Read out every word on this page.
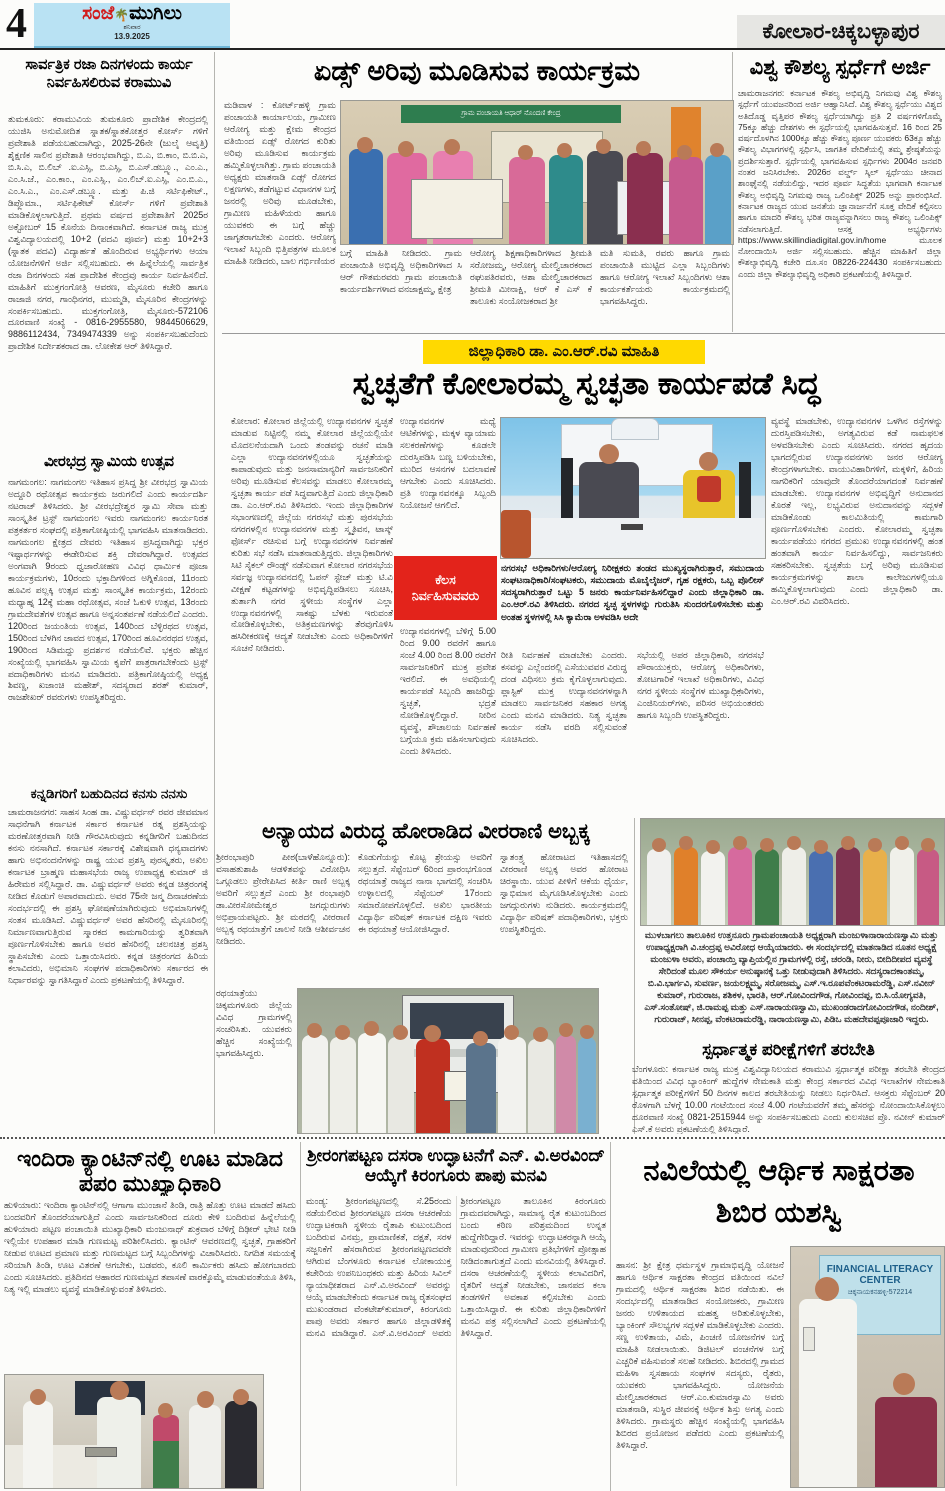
4	ಸಂಜೆ🌴ಮುಗಿಲು
ಶನಿವಾರ
13.9.2025	ಕೋಲಾರ-ಚಿಕ್ಕಬಳ್ಳಾಪುರ
ಸಾರ್ವತ್ರಿಕ ರಜಾ ದಿನಗಳಂದು ಕಾರ್ಯ ನಿರ್ವಹಿಸಲಿರುವ ಕರಾಮುವಿ
ತುಮಕೂರು: ಕರಾಮುವಿಯ ತುಮಕೂರು ಪ್ರಾದೇಶಿಕ ಕೇಂದ್ರದಲ್ಲಿ ಯುಜಿಸಿ ಅನುಮೋದಿತ ಸ್ನಾತಕ/ಸ್ನಾತಕೋತ್ತರ ಕೋರ್ಸ್ ಗಳಿಗೆ ಪ್ರವೇಶಾತಿ ಪಡೆಯಬಹುದಾಗಿದ್ದು, 2025-26ನೇ (ಜುಲೈ ಆವೃತ್ತಿ) ಶೈಕ್ಷಣಿಕ ಸಾಲಿನ ಪ್ರವೇಶಾತಿ ಆರಂಭವಾಗಿದ್ದು, ಬಿ.ಎ, ಬಿ.ಕಾಂ, ಬಿ.ಬಿ.ಎ, ಬಿ.ಸಿ.ಎ, ಬಿ.ಲಿಬ್ .ಐ.ಎಸ್ಸಿ, ಬಿ.ಎಸ್ಸಿ, ಬಿ.ಎಸ್.ಡಬ್ಲ್ಯೂ., ಎಂ.ಎ., ಎಂ.ಸಿ.ಜೆ., ಎಂ.ಕಾಂ., ಎಂ.ಎಸ್ಸಿ., ಎಂ.ಲಿಬ್.ಐ.ಎಸ್ಸಿ, ಎಂ.ಬಿ.ಎ., ಎಂ.ಸಿ.ಎ., ಎಂ.ಎಸ್.ಡಬ್ಲ್ಯೂ. ಮತ್ತು ಪಿ.ಜಿ ಸರ್ಟಿಫಿಕೇಟ್., ಡಿಪ್ಲೊಮಾ., ಸರ್ಟಿಫಿಕೇಟ್ ಕೋರ್ಸ್ ಗಳಿಗೆ ಪ್ರವೇಶಾತಿ ಮಾಡಿಕೊಳ್ಳಲಾಗುತ್ತಿದೆ. ಪ್ರಥಮ ವರ್ಷದ ಪ್ರವೇಶಾತಿಗೆ 2025ರ ಅಕ್ಟೋಬರ್ 15 ಕೊನೆಯ ದಿನಾಂಕವಾಗಿದೆ. ಕರ್ನಾಟಕ ರಾಜ್ಯ ಮುಕ್ತ ವಿಶ್ವವಿದ್ಯಾಲಯದಲ್ಲಿ 10+2 (ಪದವಿ ಪೂರ್ವ) ಮತ್ತು 10+2+3 (ಸ್ನಾತಕ ಪದವಿ) ವಿದ್ಯಾರ್ಹತೆ ಹೊಂದಿರುವ ಅಭ್ಯರ್ಥಿಗಳು ಆಯಾ ಯೋಜನೆಗಳಿಗೆ ಅರ್ಜಿ ಸಲ್ಲಿಸಬಹುದು. ಈ ಹಿನ್ನೆಲೆಯಲ್ಲಿ ಸಾರ್ವತ್ರಿಕ ರಜಾ ದಿನಗಳಂದು ಸಹ ಪ್ರಾದೇಶಿಕ ಕೇಂದ್ರವು ಕಾರ್ಯ ನಿರ್ವಹಿಸಲಿದೆ. ಮಾಹಿತಿಗೆ ಮುಕ್ತಗಂಗೋತ್ರಿ ಆವರಣ, ಮೈಸೂರು ಕಚೇರಿ ಹಾಗೂ ರಾಜಾಜಿ ನಗರ, ಗಾಂಧಿನಗರ, ಮುಮ್ಮಡಿ, ಮೈಸೂರಿನ ಕೇಂದ್ರಗಳನ್ನು ಸಂಪರ್ಕಿಸಬಹುದು. ಮುಕ್ತಗಂಗೋತ್ರಿ, ಮೈಸೂರು-572106 ದೂರವಾಣಿ ಸಂಖ್ಯೆ - 0816-2955580, 9844506629, 9886112434, 7349474339 ಅನ್ನು ಸಂಪರ್ಕಿಸಬಹುದೆಂದು ಪ್ರಾದೇಶಿಕ ನಿರ್ದೇಶಕರಾದ ಡಾ. ಲೋಕೇಶ ಆರ್ ತಿಳಿಸಿದ್ದಾರೆ.
ವೀರಭದ್ರ ಸ್ವಾಮಿಯ ಉತ್ಸವ
ನಾಗಮಂಗಲ: ನಾಗಮಂಗಲ ಇತಿಹಾಸ ಪ್ರಸಿದ್ದ ಶ್ರೀ ವೀರಭದ್ರ ಸ್ವಾಮಿಯ ಅದ್ದೂರಿ ರಥೋತ್ಸವ ಕಾರ್ಯಕ್ರಮ ಜರುಗಲಿದೆ ಎಂದು ಕಾರ್ಯದರ್ಶಿ ನಟರಾಜ್ ತಿಳಿಸಿದರು. ಶ್ರೀ ವೀರಭದ್ರೇಶ್ವರ ಸ್ವಾಮಿ ಸೇವಾ ಮತ್ತು ಸಾಂಸ್ಕೃತಿಕ ಟ್ರಸ್ಟ್ ನಾಗಮಂಗಲ ಇವರು ನಾಗಮಂಗಲ ಕಾರ್ಯನಿರತ ಪತ್ರಕರ್ತರ ಸಂಘದಲ್ಲಿ ಪತ್ರಿಕಾಗೋಷ್ಠಿಯಲ್ಲಿ ಭಾಗವಹಿಸಿ ಮಾತನಾಡಿದರು. ನಾಗಮಂಗಲ ಕ್ಷೇತ್ರದ ದೇವರು ಇತಿಹಾಸ ಪ್ರಸಿದ್ಧವಾಗಿದ್ದು ಭಕ್ತರ ಇಷ್ಟಾರ್ಥಗಳನ್ನು ಈಡೇರಿಸುವ ಶಕ್ತಿ ದೇವರಾಗಿದ್ದಾರೆ. ಉತ್ಸವದ ಅಂಗವಾಗಿ 9ರಂದು ಧ್ವಜಾರೋಹಣ ವಿವಿಧ ಧಾರ್ಮಿಕ ಪೂಜಾ ಕಾರ್ಯಕ್ರಮಗಳು, 10ರಂದು ಭಕ್ತಾದಿಗಳಿಂದ ಅಗ್ನಿಕೊಂಡ, 11ರಂದು ಹೂವಿನ ಪಲ್ಲಕ್ಕಿ ಉತ್ಸವ ಮತ್ತು ಸಾಂಸ್ಕೃತಿಕ ಕಾರ್ಯಕ್ರಮ, 12ರಂದು ಮಧ್ಯಾಹ್ನ 12ಕ್ಕೆ ಮಹಾ ರಥೋತ್ಸವ, ಸಂಜೆ ಓಕುಳಿ ಉತ್ಸವ, 13ರಂದು ಗ್ರಾಮದೇವತೆಗಳ ಉತ್ಸವ ಹಾಗೂ ಅನ್ನಸಂತರ್ಪಣೆ ನಡೆಯಲಿದೆ ಎಂದರು. 120ರಿಂದ ಜಯಂತಿಯ ಉತ್ಸವ, 140ರಿಂದ ಬೆಳ್ಳಿರಥದ ಉತ್ಸವ, 150ರಿಂದ ಬೆಳಗಿನ ಜಾವದ ಉತ್ಸವ, 170ರಿಂದ ಹೂವಿನರಥದ ಉತ್ಸವ, 190ರಿಂದ ಸಿಡಿಮದ್ದು ಪ್ರದರ್ಶನ ನಡೆಯಲಿವೆ. ಭಕ್ತರು ಹೆಚ್ಚಿನ ಸಂಖ್ಯೆಯಲ್ಲಿ ಭಾಗವಹಿಸಿ ಸ್ವಾಮಿಯ ಕೃಪೆಗೆ ಪಾತ್ರರಾಗಬೇಕೆಂದು ಟ್ರಸ್ಟ್ ಪದಾಧಿಕಾರಿಗಳು ಮನವಿ ಮಾಡಿದರು. ಪತ್ರಿಕಾಗೋಷ್ಠಿಯಲ್ಲಿ ಅಧ್ಯಕ್ಷ ಶಿವಣ್ಣ, ಖಜಾಂಚಿ ಮಹೇಶ್, ಸದಸ್ಯರಾದ ಶರತ್ ಕುಮಾರ್, ರಾಜಶೇಖರ್ ರವರುಗಳು ಉಪಸ್ಥಿತರಿದ್ದರು.
ಕನ್ನಡಿಗರಿಗೆ ಬಹುದಿನದ ಕನಸು ನನಸು
ಚಾಮರಾಜನಗರ: ಸಾಹಸ ಸಿಂಹ ಡಾ. ವಿಷ್ಣುವರ್ಧನ್ ರವರ ಜೀವಮಾನ ಸಾಧನೆಗಾಗಿ ಕರ್ನಾಟಕ ಸರ್ಕಾರ ಕರ್ನಾಟಕ ರತ್ನ ಪ್ರಶಸ್ತಿಯನ್ನು ಮರಣೋತ್ತರವಾಗಿ ನೀಡಿ ಗೌರವಿಸಿರುವುದು ಕನ್ನಡಿಗರಿಗೆ ಬಹುದಿನದ ಕನಸು ನನಸಾಗಿದೆ. ಕರ್ನಾಟಕ ಸರ್ಕಾರಕ್ಕೆ ವಿಶೇಷವಾಗಿ ಧನ್ಯವಾದಗಳು ಹಾಗು ಅಭಿನಂದನೆಗಳನ್ನು ರಾಷ್ಟ್ರ ಯುವ ಪ್ರಶಸ್ತಿ ಪುರಸ್ಕೃತರು, ಅಖಿಲ ಕರ್ನಾಟಕ ಬ್ರಾಹ್ಮಣ ಮಹಾಸಭೆಯ ರಾಜ್ಯ ಉಪಾಧ್ಯಕ್ಷ ಕುಮಾರ್ ಜಿ ಹಿರೇಮಠ ಸಲ್ಲಿಸಿದ್ದಾರೆ. ಡಾ. ವಿಷ್ಣುವರ್ಧನ್ ಅವರು ಕನ್ನಡ ಚಿತ್ರರಂಗಕ್ಕೆ ನೀಡಿದ ಕೊಡುಗೆ ಅಪಾರವಾದುದು. ಅವರ 75ನೇ ಜನ್ಮ ದಿನಾಚರಣೆಯ ಸಂದರ್ಭದಲ್ಲಿ ಈ ಪ್ರಶಸ್ತಿ ಘೋಷಣೆಯಾಗಿರುವುದು ಅಭಿಮಾನಿಗಳಲ್ಲಿ ಸಂತಸ ಮೂಡಿಸಿದೆ. ವಿಷ್ಣುವರ್ಧನ್ ಅವರ ಹೆಸರಿನಲ್ಲಿ ಮೈಸೂರಿನಲ್ಲಿ ನಿರ್ಮಾಣವಾಗುತ್ತಿರುವ ಸ್ಮಾರಕದ ಕಾಮಗಾರಿಯನ್ನು ತ್ವರಿತವಾಗಿ ಪೂರ್ಣಗೊಳಿಸಬೇಕು ಹಾಗೂ ಅವರ ಹೆಸರಿನಲ್ಲಿ ಚಲನಚಿತ್ರ ಪ್ರಶಸ್ತಿ ಸ್ಥಾಪಿಸಬೇಕು ಎಂದು ಒತ್ತಾಯಿಸಿದರು. ಕನ್ನಡ ಚಿತ್ರರಂಗದ ಹಿರಿಯ ಕಲಾವಿದರು, ಅಭಿಮಾನಿ ಸಂಘಗಳ ಪದಾಧಿಕಾರಿಗಳು ಸರ್ಕಾರದ ಈ ನಿರ್ಧಾರವನ್ನು ಸ್ವಾಗತಿಸಿದ್ದಾರೆ ಎಂದು ಪ್ರಕಟಣೆಯಲ್ಲಿ ತಿಳಿಸಿದ್ದಾರೆ.
ಏಡ್ಸ್ ಅರಿವು ಮೂಡಿಸುವ ಕಾರ್ಯಕ್ರಮ
ಮಡಿವಾಳ : ಕೋರ್ಟ್‌ಹಳ್ಳಿ ಗ್ರಾಮ ಪಂಚಾಯತಿ ಕಾರ್ಯಾಲಯ, ಗ್ರಾಮೀಣ ಆರೋಗ್ಯ ಮತ್ತು ಕ್ಷೇಮ ಕೇಂದ್ರದ ವತಿಯಿಂದ ಏಡ್ಸ್ ರೋಗದ ಕುರಿತು ಅರಿವು ಮೂಡಿಸುವ ಕಾರ್ಯಕ್ರಮ ಹಮ್ಮಿಕೊಳ್ಳಲಾಗಿತ್ತು. ಗ್ರಾಮ ಪಂಚಾಯತಿ ಅಧ್ಯಕ್ಷರು ಮಾತನಾಡಿ ಏಡ್ಸ್ ರೋಗದ ಲಕ್ಷಣಗಳು, ತಡೆಗಟ್ಟುವ ವಿಧಾನಗಳ ಬಗ್ಗೆ ಜನರಲ್ಲಿ ಅರಿವು ಮೂಡಬೇಕು, ಗ್ರಾಮೀಣ ಮಹಿಳೆಯರು ಹಾಗೂ ಯುವಕರು ಈ ಬಗ್ಗೆ ಹೆಚ್ಚು ಜಾಗೃತರಾಗಬೇಕು ಎಂದರು. ಆರೋಗ್ಯ ಇಲಾಖೆ ಸಿಬ್ಬಂದಿ ಭಿತ್ತಿಪತ್ರಗಳ ಮೂಲಕ ಮಾಹಿತಿ ನೀಡಿದರು, ಬಾಲ ಗರ್ಭಿಣಿಯರ
ಗ್ರಾಮ ಪಂಚಾಯತಿ ಆಧಾರ್ ನೊಂದಣಿ ಕೇಂದ್ರ
ಬಗ್ಗೆ ಮಾಹಿತಿ ನೀಡಿದರು. ಗ್ರಾಮ ಪಂಚಾಯಿತಿ ಅಭಿವೃದ್ಧಿ ಅಧಿಕಾರಿಗಳಾದ ಸಿ ಆರ್ ಗೌತಮರವರು ಗ್ರಾಮ ಪಂಚಾಯಿತಿ ಕಾರ್ಯದರ್ಶಿಗಳಾದ ವನಜಾಕ್ಷಮ್ಮ, ಕ್ಷೇತ್ರ
ಆರೋಗ್ಯ ಶಿಕ್ಷಣಾಧಿಕಾರಿಗಳಾದ ಶ್ರೀಮತಿ ಸರೋಜಮ್ಮ, ಆರೋಗ್ಯ ಮೇಲ್ವಿಚಾರಕರಾದ ರಘುಪತಿರವರು, ಆಶಾ ಮೇಲ್ವಿಚಾರಕರಾದ ಶ್ರೀಮತಿ ಮೀನಾಕ್ಷಿ, ಆರ್ ಕೆ ಎಸ್ ಕೆ ತಾಲೂಕು ಸಂಯೋಜಕರಾದ ಶ್ರೀ
ಮತಿ ಸುಮತಿ, ರವರು ಹಾಗೂ ಗ್ರಾಮ ಪಂಚಾಯಿತಿ ಮುಟ್ಟಿದ ಎಲ್ಲಾ ಸಿಬ್ಬಂದಿಗಳು ಹಾಗೂ ಆರೋಗ್ಯ ಇಲಾಖೆ ಸಿಬ್ಬಂದಿಗಳು ಆಶಾ ಕಾರ್ಯಕರ್ತೆಯರು ಕಾರ್ಯಕ್ರಮದಲ್ಲಿ ಭಾಗವಹಿಸಿದ್ದರು.
ವಿಶ್ವ ಕೌಶಲ್ಯ ಸ್ಪರ್ಧೆಗೆ ಅರ್ಜಿ
ಚಾಮರಾಜನಗರ: ಕರ್ನಾಟಕ ಕೌಶಲ್ಯ ಅಭಿವೃದ್ಧಿ ನಿಗಮವು ವಿಶ್ವ ಕೌಶಲ್ಯ ಸ್ಪರ್ಧೆಗೆ ಯುವಜನರಿಂದ ಅರ್ಜಿ ಆಹ್ವಾನಿಸಿದೆ. ವಿಶ್ವ ಕೌಶಲ್ಯ ಸ್ಪರ್ಧೆಯು ವಿಶ್ವದ ಅತಿದೊಡ್ಡ ವೃತ್ತಿಪರ ಕೌಶಲ್ಯ ಸ್ಪರ್ಧೆಯಾಗಿದ್ದು ಪ್ರತಿ 2 ವರ್ಷಗಳಿಗೊಮ್ಮೆ 75ಕ್ಕೂ ಹೆಚ್ಚು ದೇಶಗಳು ಈ ಸ್ಪರ್ಧೆಯಲ್ಲಿ ಭಾಗವಹಿಸುತ್ತವೆ. 16 ರಿಂದ 25 ವರ್ಷದೊಳಗಿನ 1000ಕ್ಕೂ ಹೆಚ್ಚು ಕೌಶಲ್ಯ ಪೂರ್ಣ ಯುವಕರು 63ಕ್ಕೂ ಹೆಚ್ಚು ಕೌಶಲ್ಯ ವಿಭಾಗಗಳಲ್ಲಿ ಸ್ಪರ್ಧಿಸಿ, ಜಾಗತಿಕ ವೇದಿಕೆಯಲ್ಲಿ ತಮ್ಮ ಶ್ರೇಷ್ಠತೆಯನ್ನು ಪ್ರದರ್ಶಿಸುತ್ತಾರೆ. ಸ್ಪರ್ಧೆಯಲ್ಲಿ ಭಾಗವಹಿಸುವ ಸ್ಪರ್ಧಿಗಳು 2004ರ ಜನವರಿ ನಂತರ ಜನಿಸಿರಬೇಕು. 2026ರ ವರ್ಲ್ಡ್ ಸ್ಕಿಲ್ ಸ್ಪರ್ಧೆಯು ಚೀನಾದ ಶಾಂಘೈನಲ್ಲಿ ನಡೆಯಲಿದ್ದು, ಇದರ ಪೂರ್ವ ಸಿದ್ಧತೆಯ ಭಾಗವಾಗಿ ಕರ್ನಾಟಕ ಕೌಶಲ್ಯ ಅಭಿವೃದ್ಧಿ ನಿಗಮವು ರಾಜ್ಯ ಒಲಿಂಪಿಕ್ಸ್ 2025 ಅನ್ನು ಪ್ರಾರಂಭಿಸಿದೆ. ಕರ್ನಾಟಕ ರಾಜ್ಯದ ಯುವ ಜನತೆಯ ಜ್ಞಾನಾರ್ಜನೆಗೆ ಸೂಕ್ತ ವೇದಿಕೆ ಕಲ್ಪಿಸಲು ಹಾಗೂ ಮಾದರಿ ಕೌಶಲ್ಯ ಭರಿತ ರಾಜ್ಯವನ್ನಾಗಿಸಲು ರಾಜ್ಯ ಕೌಶಲ್ಯ ಒಲಿಂಪಿಕ್ಸ್ ನಡೆಸಲಾಗುತ್ತಿದೆ. ಆಸಕ್ತ ಅಭ್ಯರ್ಥಿಗಳು https://www.skillindiadigital.gov.in/home ಮೂಲಕ ನೋಂದಾಯಿಸಿ ಅರ್ಜಿ ಸಲ್ಲಿಸಬಹುದು. ಹೆಚ್ಚಿನ ಮಾಹಿತಿಗೆ ಜಿಲ್ಲಾ ಕೌಶಲ್ಯಾಭಿವೃದ್ಧಿ ಕಚೇರಿ ದೂ.ಸಂ 08226-224430 ಸಂಪರ್ಕಿಸಬಹುದು ಎಂದು ಜಿಲ್ಲಾ ಕೌಶಲ್ಯಾಭಿವೃದ್ಧಿ ಅಧಿಕಾರಿ ಪ್ರಕಟಣೆಯಲ್ಲಿ ತಿಳಿಸಿದ್ದಾರೆ.
ಜಿಲ್ಲಾಧಿಕಾರಿ ಡಾ. ಎಂ.ಆರ್.ರವಿ ಮಾಹಿತಿ
ಸ್ವಚ್ಛತೆಗೆ ಕೋಲಾರಮ್ಮ ಸ್ವಚ್ಛತಾ ಕಾರ್ಯಪಡೆ ಸಿದ್ಧ
ಕೋಲಾರ: ಕೋಲಾರ ಜಿಲ್ಲೆಯಲ್ಲಿ ಉದ್ಯಾನವನಗಳ ಸ್ವಚ್ಛತೆ ಮಾಡುವ ನಿಟ್ಟಿನಲ್ಲಿ ನಮ್ಮ ಕೋಲಾರ ಜಿಲ್ಲೆಯಲ್ಲಿಯೇ ಮೊದಲನೆಯದಾಗಿ ಒಂದು ತಂಡವನ್ನು ರಚನೆ ಮಾಡಿ ಎಲ್ಲಾ ಉದ್ಯಾನವನಗಳಲ್ಲಿಯೂ ಸ್ವಚ್ಛತೆಯನ್ನು ಕಾಪಾಡುವುದು ಮತ್ತು ಜನಸಾಮಾನ್ಯರಿಗೆ ಸಾರ್ವಜನಿಕರಿಗೆ ಅರಿವು ಮೂಡಿಸುವ ಕೆಲಸವನ್ನು ಮಾಡಲು ಕೋಲಾರಮ್ಮ ಸ್ವಚ್ಛತಾ ಕಾರ್ಯ ಪಡೆ ಸಿದ್ಧವಾಗುತ್ತಿದೆ ಎಂದು ಜಿಲ್ಲಾಧಿಕಾರಿ ಡಾ. ಎಂ.ಆರ್.ರವಿ ತಿಳಿಸಿದರು. ಇಂದು ಜಿಲ್ಲಾಧಿಕಾರಿಗಳ ಸಭಾಂಗಣದಲ್ಲಿ ಜಿಲ್ಲೆಯ ನಗರಸಭೆ ಮತ್ತು ಪುರಸಭೆಯ ನಗರಗಳಲ್ಲಿನ ಉದ್ಯಾನವನಗಳ ಮತ್ತು ಸ್ಮೃತಿವನ, ಟಾಸ್ಕ್ ಫೋರ್ಸ್ ರಚಿಸುವ ಬಗ್ಗೆ ಉದ್ಯಾನವನಗಳ ನಿರ್ವಹಣೆ ಕುರಿತು ಸಭೆ ನಡೆಸಿ ಮಾತನಾಡುತ್ತಿದ್ದರು. ಜಿಲ್ಲಾಧಿಕಾರಿಗಳು ಸಿಟಿ ಸೈಕಲ್ ರೌಂಡ್ಸ್ ನಡೆಸುವಾಗ ಕೋಲಾರ ನಗರಸಭೆಯ ಸರ್ವಜ್ಞ ಉದ್ಯಾನವನದಲ್ಲಿ ಓಪನ್ ಸ್ಟೇಜ್ ಮತ್ತು ಟಿ.ವಿ ವೀಕ್ಷಣೆ ಕಟ್ಟಡಗಳನ್ನು ಅಭಿವೃದ್ಧಿಪಡಿಸಲು ಸೂಚಿಸಿ, ತುರ್ತಾಗಿ ನಗರ ಸ್ಥಳೀಯ ಸಂಸ್ಥೆಗಳ ಎಲ್ಲಾ ಉದ್ಯಾನವನಗಳಲ್ಲಿ ಸಾಕಷ್ಟು ಬೆಳಕು ಇರುವಂತೆ ನೋಡಿಕೊಳ್ಳಬೇಕು, ಅತಿಕ್ರಮಣಗಳನ್ನು ತೆರವುಗೊಳಿಸಿ ಹಸಿರೀಕರಣಕ್ಕೆ ಆದ್ಯತೆ ನೀಡಬೇಕು ಎಂದು ಅಧಿಕಾರಿಗಳಿಗೆ ಸೂಚನೆ ನೀಡಿದರು.
ಉದ್ಯಾನವನಗಳ ಮಧ್ಯೆ ಆಟಿಕೆಗಳನ್ನು, ಮಕ್ಕಳ ವ್ಯಾಯಾಮ ಸಲಕರಣೆಗಳನ್ನು ಕೂಡಲೇ ದುರಸ್ತಿಪಡಿಸಿ ಬಣ್ಣ ಬಳಿಯಬೇಕು, ಮುರಿದ ಆಸನಗಳ ಬದಲಾವಣೆ ಆಗಬೇಕು ಎಂದು ಸೂಚಿಸಿದರು. ಪ್ರತಿ ಉದ್ಯಾನವನಕ್ಕೂ ಸಿಬ್ಬಂದಿ ನಿಯೋಜನೆ ಆಗಲಿದೆ.
ಕೆಲಸ
ನಿರ್ವಹಿಸುವವರು
ನಗರಸಭೆ ಅಧಿಕಾರಿಗಳು/ಆರೋಗ್ಯ ನಿರೀಕ್ಷಕರು ತಂಡದ ಮುಖ್ಯಸ್ಥರಾಗಿರುತ್ತಾರೆ, ಸಮುದಾಯ ಸಂಘಟನಾಧಿಕಾರಿ/ಸಂಘಟಕರು, ಸಮುದಾಯ ಮೊಬೈಲೈಜರ್, ಗೃಹ ರಕ್ಷಕರು, ಒಬ್ಬ ಪೊಲೀಸ್ ಸದಸ್ಯರಾಗಿರುತ್ತಾರೆ ಒಟ್ಟು 5 ಜನರು ಕಾರ್ಯನಿರ್ವಹಿಸಲಿದ್ದಾರೆ ಎಂದು ಜಿಲ್ಲಾಧಿಕಾರಿ ಡಾ. ಎಂ.ಆರ್.ರವಿ ತಿಳಿಸಿದರು. ನಗರದ ಸ್ವಚ್ಛ ಸ್ಥಳಗಳನ್ನು ಗುರುತಿಸಿ ಸುಂದರಗೊಳಿಸಬೇಕು ಮತ್ತು ಅಂತಹ ಸ್ಥಳಗಳಲ್ಲಿ ಸಿಸಿ ಕ್ಯಾಮೆರಾ ಅಳವಡಿಸಿ ಅದೇ
ಉದ್ಯಾನವನಗಳಲ್ಲಿ ಬೆಳಿಗ್ಗೆ 5.00 ರಿಂದ 9.00 ರವರೆಗೆ ಹಾಗೂ ಸಂಜೆ 4.00 ರಿಂದ 8.00 ರವರೆಗೆ ಸಾರ್ವಜನಿಕರಿಗೆ ಮುಕ್ತ ಪ್ರವೇಶ ಇರಲಿದೆ. ಈ ಅವಧಿಯಲ್ಲಿ ಕಾರ್ಯಪಡೆ ಸಿಬ್ಬಂದಿ ಹಾಜರಿದ್ದು ಸ್ವಚ್ಛತೆ, ಭದ್ರತೆ ನೋಡಿಕೊಳ್ಳಲಿದ್ದಾರೆ. ನೀರಿನ ವ್ಯವಸ್ಥೆ, ಶೌಚಾಲಯ ನಿರ್ವಹಣೆ ಬಗ್ಗೆಯೂ ಕ್ರಮ ವಹಿಸಲಾಗುವುದು ಎಂದು ತಿಳಿಸಿದರು.
ರೀತಿ ನಿರ್ವಹಣೆ ಮಾಡಬೇಕು ಎಂದರು. ಕಸವನ್ನು ಎಲ್ಲೆಂದರಲ್ಲಿ ಎಸೆಯುವವರ ವಿರುದ್ಧ ದಂಡ ವಿಧಿಸಲು ಕ್ರಮ ಕೈಗೊಳ್ಳಲಾಗುವುದು. ಪ್ಲಾಸ್ಟಿಕ್ ಮುಕ್ತ ಉದ್ಯಾನವನಗಳನ್ನಾಗಿ ಮಾಡಲು ಸಾರ್ವಜನಿಕರ ಸಹಕಾರ ಅಗತ್ಯ ಎಂದು ಮನವಿ ಮಾಡಿದರು. ನಿತ್ಯ ಸ್ವಚ್ಛತಾ ಕಾರ್ಯ ನಡೆಸಿ ವರದಿ ಸಲ್ಲಿಸುವಂತೆ ಸೂಚಿಸಿದರು.
ಸಭೆಯಲ್ಲಿ ಅಪರ ಜಿಲ್ಲಾಧಿಕಾರಿ, ನಗರಸಭೆ ಪೌರಾಯುಕ್ತರು, ಆರೋಗ್ಯ ಅಧಿಕಾರಿಗಳು, ತೋಟಗಾರಿಕೆ ಇಲಾಖೆ ಅಧಿಕಾರಿಗಳು, ವಿವಿಧ ನಗರ ಸ್ಥಳೀಯ ಸಂಸ್ಥೆಗಳ ಮುಖ್ಯಾಧಿಕ಼ಾರಿಗಳು, ಎಂಜಿನಿಯರ್‌ಗಳು, ಪರಿಸರ ಅಭಿಯಂತರರು ಹಾಗೂ ಸಿಬ್ಬಂದಿ ಉಪಸ್ಥಿತರಿದ್ದರು.
ವ್ಯವಸ್ಥೆ ಮಾಡಬೇಕು, ಉದ್ಯಾನವನಗಳ ಒಳಗಿನ ರಸ್ತೆಗಳನ್ನು ದುರಸ್ತಿಪಡಿಸಬೇಕು, ಅಗತ್ಯವಿರುವ ಕಡೆ ನಾಮಫಲಕ ಅಳವಡಿಸಬೇಕು ಎಂದು ಸೂಚಿಸಿದರು. ನಗರದ ಹೃದಯ ಭಾಗದಲ್ಲಿರುವ ಉದ್ಯಾನವನಗಳು ಜನರ ಆರೋಗ್ಯ ಕೇಂದ್ರಗಳಾಗಬೇಕು. ವಾಯುವಿಹಾರಿಗಳಿಗೆ, ಮಕ್ಕಳಿಗೆ, ಹಿರಿಯ ನಾಗರಿಕರಿಗೆ ಯಾವುದೇ ತೊಂದರೆಯಾಗದಂತೆ ನಿರ್ವಹಣೆ ಮಾಡಬೇಕು. ಉದ್ಯಾನವನಗಳ ಅಭಿವೃದ್ಧಿಗೆ ಅನುದಾನದ ಕೊರತೆ ಇಲ್ಲ, ಲಭ್ಯವಿರುವ ಅನುದಾನವನ್ನು ಸದ್ಬಳಕೆ ಮಾಡಿಕೊಂಡು ಕಾಲಮಿತಿಯಲ್ಲಿ ಕಾಮಗಾರಿ ಪೂರ್ಣಗೊಳಿಸಬೇಕು ಎಂದರು. ಕೋಲಾರಮ್ಮ ಸ್ವಚ್ಛತಾ ಕಾರ್ಯಪಡೆಯು ನಗರದ ಪ್ರಮುಖ ಉದ್ಯಾನವನಗಳಲ್ಲಿ ಹಂತ ಹಂತವಾಗಿ ಕಾರ್ಯ ನಿರ್ವಹಿಸಲಿದ್ದು, ಸಾರ್ವಜನಿಕರು ಸಹಕರಿಸಬೇಕು. ಸ್ವಚ್ಛತೆಯ ಬಗ್ಗೆ ಅರಿವು ಮೂಡಿಸುವ ಕಾರ್ಯಕ್ರಮಗಳನ್ನು ಶಾಲಾ ಕಾಲೇಜುಗಳಲ್ಲಿಯೂ ಹಮ್ಮಿಕೊಳ್ಳಲಾಗುವುದು ಎಂದು ಜಿಲ್ಲಾಧಿಕಾರಿ ಡಾ. ಎಂ.ಆರ್.ರವಿ ವಿವರಿಸಿದರು.
ಅನ್ಯಾಯದ ವಿರುದ್ಧ ಹೋರಾಡಿದ ವೀರರಾಣಿ ಅಬ್ಬಕ್ಕ
ಶ್ರೀರಂಭಾಪುರಿ ಪೀಠ(ಬಾಳೆಹೊನ್ನೂರು): ವಸಾಹತುಶಾಹಿ ಆಡಳಿತವನ್ನು ವಿರೋಧಿಸಿ ಒಗ್ಗೂಡಲು ಪ್ರೇರೇಪಿಸಿದ ಕೀರ್ತಿ ರಾಣಿ ಅಬ್ಬಕ್ಕ ಅವರಿಗೆ ಸಲ್ಲುತ್ತದೆ ಎಂದು ಶ್ರೀ ರಂಭಾಪುರಿ ಡಾ.ವೀರಸೋಮೇಶ್ವರ ಜಗದ್ಗುರುಗಳು ಅಭಿಪ್ರಾಯಪಟ್ಟರು. ಶ್ರೀ ಮಠದಲ್ಲಿ ವೀರರಾಣಿ ಅಬ್ಬಕ್ಕ ರಥಯಾತ್ರೆಗೆ ಚಾಲನೆ ನೀಡಿ ಆಶೀರ್ವಚನ ನೀಡಿದರು.
ಕೊಡುಗೆಯನ್ನು ಕೊಟ್ಟ ಶ್ರೇಯಸ್ಸು ಅವರಿಗೆ ಸಲ್ಲುತ್ತದೆ. ಸೆಪ್ಟೆಂಬರ್ 6ರಿಂದ ಪ್ರಾರಂಭಗೊಂಡ ರಥಯಾತ್ರೆ ರಾಜ್ಯದ ನಾನಾ ಭಾಗದಲ್ಲಿ ಸಂಚರಿಸಿ ಉಳ್ಳಾಲದಲ್ಲಿ ಸೆಪ್ಟೆಂಬರ್ 17ರಂದು ಸಮಾರೋಪಗೊಳ್ಳಲಿದೆ. ಅಖಿಲ ಭಾರತೀಯ ವಿದ್ಯಾರ್ಥಿ ಪರಿಷತ್ ಕರ್ನಾಟಕ ದಕ್ಷಿಣ ಇವರು ಈ ರಥಯಾತ್ರೆ ಆಯೋಜಿಸಿದ್ದಾರೆ.
ಸ್ವಾತಂತ್ರ್ಯ ಹೋರಾಟದ ಇತಿಹಾಸದಲ್ಲಿ ವೀರರಾಣಿ ಅಬ್ಬಕ್ಕ ಅವರ ಹೋರಾಟ ಚಿರಸ್ಥಾಯಿ. ಯುವ ಪೀಳಿಗೆ ಆಕೆಯ ಧೈರ್ಯ, ಸ್ವಾಭಿಮಾನ ಮೈಗೂಡಿಸಿಕೊಳ್ಳಬೇಕು ಎಂದು ಜಗದ್ಗುರುಗಳು ನುಡಿದರು. ಕಾರ್ಯಕ್ರಮದಲ್ಲಿ ವಿದ್ಯಾರ್ಥಿ ಪರಿಷತ್ ಪದಾಧಿಕಾರಿಗಳು, ಭಕ್ತರು ಉಪಸ್ಥಿತರಿದ್ದರು.
ರಥಯಾತ್ರೆಯು ಚಿಕ್ಕಮಗಳೂರು ಜಿಲ್ಲೆಯ ವಿವಿಧ ಗ್ರಾಮಗಳಲ್ಲಿ ಸಂಚರಿಸಿತು. ಯುವಕರು ಹೆಚ್ಚಿನ ಸಂಖ್ಯೆಯಲ್ಲಿ ಭಾಗವಹಿಸಿದ್ದರು.
ಮುಳಬಾಗಲು ತಾಲೂಕಿನ ಉತ್ತನೂರು ಗ್ರಾಮಪಂಚಾಯತಿ ಅಧ್ಯಕ್ಷರಾಗಿ ಮಂಜುಳಾನಾರಾಯಣಸ್ವಾಮಿ ಮತ್ತು ಉಪಾಧ್ಯಕ್ಷರಾಗಿ ವಿ.ಚಂದ್ರಪ್ಪ ಅವಿರೋಧ ಆಯ್ಕೆಯಾದರು. ಈ ಸಂದರ್ಭದಲ್ಲಿ ಮಾತನಾಡಿದ ನೂತನ ಅಧ್ಯಕ್ಷೆ ಮಂಜುಳಾ ಅವರು, ಪಂಚಾಯ್ತಿ ವ್ಯಾಪ್ತಿಯಲ್ಲಿನ ಗ್ರಾಮಗಳಲ್ಲಿ ರಸ್ತೆ, ಚರಂಡಿ, ನೀರು, ಬೀದಿದೀಪದ ವ್ಯವಸ್ಥೆ ಸೇರಿದಂತೆ ಮೂಲ ಸೌಕರ್ಯ ಅನುಷ್ಠಾನಕ್ಕೆ ಒತ್ತು ನೀಡುವುದಾಗಿ ತಿಳಿಸಿದರು. ಸದಸ್ಯರಾದಕಾಂತಮ್ಮ, ಬಿ.ವಿ.ಭಾರ್ಗವಿ, ಸುವರ್ಣ, ಜಯಲಕ್ಷ್ಮಮ್ಮ, ಸರೋಜಮ್ಮ, ಎಸ್.ಇ.ರೂಪವೆಂಕಟರಾಮರೆಡ್ಡಿ, ಎಸ್.ನವೀನ್ ಕುಮಾರ್, ಗುರುರಾಜ, ಶಶಿಕಳ, ಭಾರತಿ, ಆರ್.ಗೋವಿಂದಗೌಡ, ಗೋವಿಂದಪ್ಪ, ಬಿ.ಸಿ.ಯೋಗ್ಯವತಿ, ಎಸ್.ಸಂತೋಷ್, ಜಿ.ರಾಮಪ್ಪ ಮತ್ತು ಎಸ್.ನಾರಾಯಣಸ್ವಾಮಿ, ಮುಖಂಡರಾದಗೋವಿಂದಗೌಡ, ನಂದೀಶ್, ಗುರುರಾಜ್, ಸೀನಪ್ಪ, ವೆಂಕಟರಾಮರೆಡ್ಡಿ, ನಾರಾಯಣಸ್ವಾಮಿ, ಪಿಡಿಒ ಮಹದೇವಪ್ಪಪೂಜಾರಿ ಇದ್ದರು.
ಸ್ಪರ್ಧಾತ್ಮಕ ಪರೀಕ್ಷೆಗಳಿಗೆ ತರಬೇತಿ
ಬೆಂಗಳೂರು: ಕರ್ನಾಟಕ ರಾಜ್ಯ ಮುಕ್ತ ವಿಶ್ವವಿದ್ಯಾನಿಲಯದ ಕರಾಮುವಿ ಸ್ಪರ್ಧಾತ್ಮಕ ಪರೀಕ್ಷಾ ತರಬೇತಿ ಕೇಂದ್ರದ ವತಿಯಿಂದ ವಿವಿಧ ಬ್ಯಾಂಕಿಂಗ್ ಹುದ್ದೆಗಳ ನೇಮಕಾತಿ ಮತ್ತು ಕೇಂದ್ರ ಸರ್ಕಾರದ ವಿವಿಧ ಇಲಾಖೆಗಳ ನೇಮಕಾತಿ ಸ್ಪರ್ಧಾತ್ಮಕ ಪರೀಕ್ಷೆಗಳಿಗೆ 50 ದಿನಗಳ ಕಾಲದ ತರಬೇತಿಯನ್ನು ನೀಡಲು ನಿರ್ಧರಿಸಿದೆ. ಆಸಕ್ತರು ಸೆಪ್ಟೆಂಬರ್ 20 ರೊಳಗಾಗಿ ಬೆಳಗ್ಗೆ 10.00 ಗಂಟೆಯಿಂದ ಸಂಜೆ 4.00 ಗಂಟೆಯವರೆಗೆ ತಮ್ಮ ಹೆಸರನ್ನು ನೋಂದಾಯಿಸಿಕೊಳ್ಳಲು ದೂರವಾಣಿ ಸಂಖ್ಯೆ 0821-2515944 ಅನ್ನು ಸಂಪರ್ಕಿಸಬಹುದು ಎಂದು ಕುಲಸಚಿವ ಪ್ರೊ. ನವೀನ್ ಕುಮಾರ್ ಎಸ್.ಕೆ ಅವರು ಪ್ರಕಟಣೆಯಲ್ಲಿ ತಿಳಿಸಿದ್ದಾರೆ.
ಇಂದಿರಾ ಕ್ಯಾಂಟಿನ್‌ನಲ್ಲಿ ಊಟ ಮಾಡಿದ ಪಪಂ ಮುಖ್ಯಾಧಿಕಾರಿ
ಹುಳಿಯಾರು: ಇಂದಿರಾ ಕ್ಯಾಂಟಿನ್‌ನಲ್ಲಿ ಆಗಾಗಾ ಮುಂಜಾನೆ ತಿಂಡಿ, ರಾತ್ರಿ ಹೊತ್ತು ಊಟ ಮಾಡದೆ ಹಸಿದು ಬಂದವರಿಗೆ ತೊಂದರೆಯಾಗುತ್ತಿದೆ ಎಂದು ಸಾರ್ವಜನಿಕರಿಂದ ದೂರು ಕೇಳಿ ಬಂದಿರುವ ಹಿನ್ನೆಲೆಯಲ್ಲಿ ಹುಳಿಯಾರು ಪಟ್ಟಣ ಪಂಚಾಯಿತಿ ಮುಖ್ಯಾಧಿಕಾರಿ ಮಂಜುನಾಥ್ ಶುಕ್ರವಾರ ಬೆಳಿಗ್ಗೆ ದಿಢೀರ್ ಭೇಟಿ ನೀಡಿ ಇಲ್ಲಿಯೇ ಉಪಹಾರ ಮಾಡಿ ಗುಣಮಟ್ಟ ಪರಿಶೀಲಿಸಿದರು. ಕ್ಯಾಂಟಿನ್ ಆವರಣದಲ್ಲಿ ಸ್ವಚ್ಛತೆ, ಗ್ರಾಹಕರಿಗೆ ನೀಡುವ ಊಟದ ಪ್ರಮಾಣ ಮತ್ತು ಗುಣಮಟ್ಟದ ಬಗ್ಗೆ ಸಿಬ್ಬಂದಿಗಳನ್ನು ವಿಚಾರಿಸಿದರು. ನಿಗದಿತ ಸಮಯಕ್ಕೆ ಸರಿಯಾಗಿ ತಿಂಡಿ, ಊಟ ವಿತರಣೆ ಆಗಬೇಕು, ಬಡವರು, ಕೂಲಿ ಕಾರ್ಮಿಕರು ಹಸಿದು ಹೋಗಬಾರದು ಎಂದು ಸೂಚಿಸಿದರು. ಪ್ರತಿದಿನದ ಆಹಾರದ ಗುಣಮಟ್ಟದ ತಪಾಸಣೆ ವಾರಕ್ಕೊಮ್ಮೆ ಮಾಡುವಂತೆಯೂ ತಿಳಿಸಿ, ನಿತ್ಯ ಇಲ್ಲಿ ಮಾಡಲು ವ್ಯವಸ್ಥೆ ಮಾಡಿಕೊಳ್ಳುವಂತೆ ತಿಳಿಸಿದರು.
ಶ್ರೀರಂಗಪಟ್ಟಣ ದಸರಾ ಉದ್ಘಾಟನೆಗೆ ಎನ್. ವಿ.ಅರವಿಂದ್ ಆಯ್ಕೆಗೆ ಕಿರಂಗೂರು ಪಾಪು ಮನವಿ
ಮಂಡ್ಯ: ಶ್ರೀರಂಗಪಟ್ಟಣದಲ್ಲಿ ಸೆ.25ರಂದು ನಡೆಯಲಿರುವ ಶ್ರೀರಂಗಪಟ್ಟಣ ದಸರಾ ಆಚರಣೆಯ ಉದ್ಘಾಟಕರಾಗಿ ಸ್ಥಳೀಯ ರೈತಾಪಿ ಕುಟುಂಬದಿಂದ ಬಂದಿರುವ ವಿನಮ್ರ, ಪ್ರಾಮಾಣಿಕತೆ, ದಕ್ಷತೆ, ಸರಳ ಸಜ್ಜನಿಕೆಗೆ ಹೆಸರಾಗಿರುವ ಶ್ರೀರಂಗಪಟ್ಟಣದವರೇ ಆಗಿರುವ ಬೆಂಗಳೂರು ಕರ್ನಾಟಕ ಲೋಕಾಯುಕ್ತ ಕಚೇರಿಯ ಉಪನಿಬಂಧಕರು ಮತ್ತು ಹಿರಿಯ ಸಿವಿಲ್ ನ್ಯಾಯಾಧೀಶರಾದ ಎನ್.ವಿ.ಅರವಿಂದ್ ಅವರನ್ನು ಆಯ್ಕೆ ಮಾಡಬೇಕೆಂದು ಕರ್ನಾಟಕ ರಾಜ್ಯ ರೈತಸಂಘದ ಮುಖಂಡರಾದ ವೆಂಕಟೇಶ್‌ಕುಮಾರ್, ಕಿರಂಗೂರು ಪಾಪು ಅವರು ಸರ್ಕಾರ ಹಾಗೂ ಜಿಲ್ಲಾಡಳಿತಕ್ಕೆ ಮನವಿ ಮಾಡಿದ್ದಾರೆ. ಎನ್.ವಿ.ಅರವಿಂದ್ ಅವರು ಶ್ರೀರಂಗಪಟ್ಟಣ ತಾಲೂಕಿನ ಕಿರಂಗೂರು ಗ್ರಾಮದವರಾಗಿದ್ದು, ಸಾಮಾನ್ಯ ರೈತ ಕುಟುಂಬದಿಂದ ಬಂದು ಕಠಿಣ ಪರಿಶ್ರಮದಿಂದ ಉನ್ನತ ಹುದ್ದೆಗೇರಿದ್ದಾರೆ. ಇವರನ್ನು ಉದ್ಘಾಟಕರನ್ನಾಗಿ ಆಯ್ಕೆ ಮಾಡುವುದರಿಂದ ಗ್ರಾಮೀಣ ಪ್ರತಿಭೆಗಳಿಗೆ ಪ್ರೋತ್ಸಾಹ ನೀಡಿದಂತಾಗುತ್ತದೆ ಎಂದು ಮನವಿಯಲ್ಲಿ ತಿಳಿಸಿದ್ದಾರೆ. ದಸರಾ ಆಚರಣೆಯಲ್ಲಿ ಸ್ಥಳೀಯ ಕಲಾವಿದರಿಗೆ, ರೈತರಿಗೆ ಆದ್ಯತೆ ನೀಡಬೇಕು, ಜಾನಪದ ಕಲಾ ತಂಡಗಳಿಗೆ ಅವಕಾಶ ಕಲ್ಪಿಸಬೇಕು ಎಂದು ಒತ್ತಾಯಿಸಿದ್ದಾರೆ. ಈ ಕುರಿತು ಜಿಲ್ಲಾಧಿಕಾರಿಗಳಿಗೆ ಮನವಿ ಪತ್ರ ಸಲ್ಲಿಸಲಾಗಿದೆ ಎಂದು ಪ್ರಕಟಣೆಯಲ್ಲಿ ತಿಳಿಸಿದ್ದಾರೆ.
ನವಿಲೆಯಲ್ಲಿ ಆರ್ಥಿಕ ಸಾಕ್ಷರತಾ ಶಿಬಿರ ಯಶಸ್ವಿ
ಹಾಸನ: ಶ್ರೀ ಕ್ಷೇತ್ರ ಧರ್ಮಸ್ಥಳ ಗ್ರಾಮಾಭಿವೃದ್ಧಿ ಯೋಜನೆ ಹಾಗೂ ಆರ್ಥಿಕ ಸಾಕ್ಷರತಾ ಕೇಂದ್ರದ ವತಿಯಿಂದ ನವಿಲೆ ಗ್ರಾಮದಲ್ಲಿ ಆರ್ಥಿಕ ಸಾಕ್ಷರತಾ ಶಿಬಿರ ನಡೆಯಿತು. ಈ ಸಂದರ್ಭದಲ್ಲಿ ಮಾತನಾಡಿದ ಸಂಯೋಜಕರು, ಗ್ರಾಮೀಣ ಜನರು ಉಳಿತಾಯದ ಮಹತ್ವ ಅರಿತುಕೊಳ್ಳಬೇಕು, ಬ್ಯಾಂಕಿಂಗ್ ಸೌಲಭ್ಯಗಳ ಸದ್ಬಳಕೆ ಮಾಡಿಕೊಳ್ಳಬೇಕು ಎಂದರು. ಸಣ್ಣ ಉಳಿತಾಯ, ವಿಮೆ, ಪಿಂಚಣಿ ಯೋಜನೆಗಳ ಬಗ್ಗೆ ಮಾಹಿತಿ ನೀಡಲಾಯಿತು. ಡಿಜಿಟಲ್ ವಂಚನೆಗಳ ಬಗ್ಗೆ ಎಚ್ಚರಿಕೆ ವಹಿಸುವಂತೆ ಸಲಹೆ ನೀಡಿದರು. ಶಿಬಿರದಲ್ಲಿ ಗ್ರಾಮದ ಮಹಿಳಾ ಸ್ವಸಹಾಯ ಸಂಘಗಳ ಸದಸ್ಯರು, ರೈತರು, ಯುವಕರು ಭಾಗವಹಿಸಿದ್ದರು. ಯೋಜನೆಯ ಮೇಲ್ವಿಚಾರಕರಾದ ಆರ್.ಎಂ.ಕುಮಾರಸ್ವಾಮಿ ಅವರು ಮಾತನಾಡಿ, ಸುಸ್ಥಿರ ಜೀವನಕ್ಕೆ ಆರ್ಥಿಕ ಶಿಸ್ತು ಅಗತ್ಯ ಎಂದು ತಿಳಿಸಿದರು. ಗ್ರಾಮಸ್ಥರು ಹೆಚ್ಚಿನ ಸಂಖ್ಯೆಯಲ್ಲಿ ಭಾಗವಹಿಸಿ ಶಿಬಿರದ ಪ್ರಯೋಜನ ಪಡೆದರು ಎಂದು ಪ್ರಕಟಣೆಯಲ್ಲಿ ತಿಳಿಸಿದ್ದಾರೆ.
FINANCIAL LITERACY
CENTER
ಚಿಕ್ಕನಾಯಕನಹಳ್ಳಿ-572214
